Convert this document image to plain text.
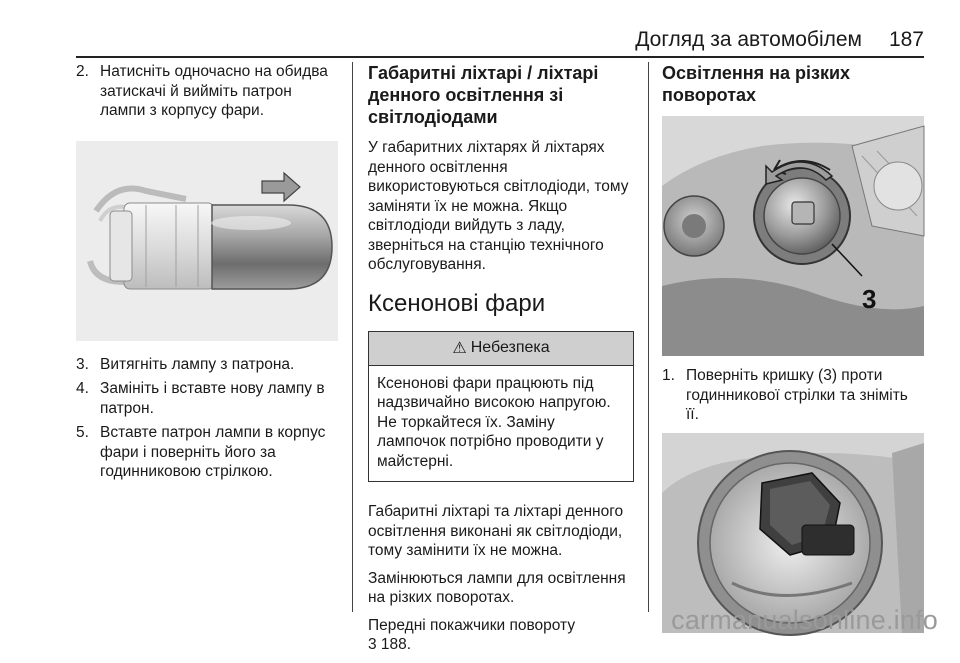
Догляд за автомобілем 187
2. Натисніть одночасно на обидва затискачі й вийміть патрон лампи з корпусу фари.
3. Витягніть лампу з патрона.
4. Замініть і вставте нову лампу в патрон.
5. Вставте патрон лампи в корпус фари і поверніть його за годинниковою стрілкою.
Габаритні ліхтарі / ліхтарі денного освітлення зі світлодіодами
У габаритних ліхтарях й ліхтарях денного освітлення використовуються світлодіоди, тому заміняти їх не можна. Якщо світлодіоди вийдуть з ладу, зверніться на станцію технічного обслуговування.
Ксенонові фари
⚠ Небезпека
Ксенонові фари працюють під надзвичайно високою напругою. Не торкайтеся їх. Заміну лампочок потрібно проводити у майстерні.
Габаритні ліхтарі та ліхтарі денного освітлення виконані як світлодіоди, тому замінити їх не можна.
Замінюються лампи для освітлення на різких поворотах.
Передні покажчики повороту
3 188.
Освітлення на різких поворотах
3
1. Поверніть кришку (3) проти годинникової стрілки та зніміть її.
carmanualsonline.info
